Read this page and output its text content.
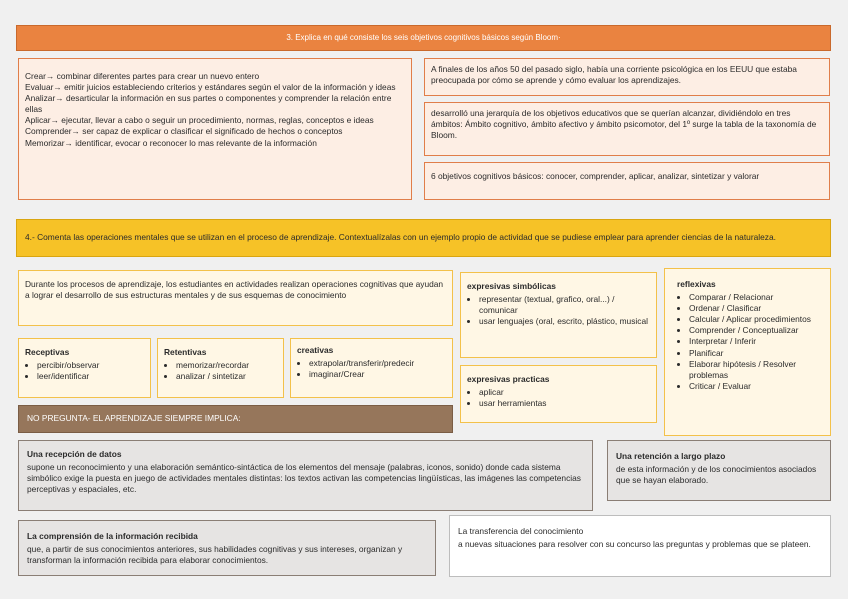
3. Explica en qué consiste los seis objetivos cognitivos básicos según Bloom·
Crear→ combinar diferentes partes para crear un nuevo entero
Evaluar→ emitir juicios estableciendo criterios y estándares según el valor de la información y ideas
Analizar→ desarticular la información en sus partes o componentes y comprender la relación entre ellas
Aplicar→ ejecutar, llevar a cabo o seguir un procedimiento, normas, reglas, conceptos e ideas
Comprender→ ser capaz de explicar o clasificar el significado de hechos o conceptos
Memorizar→ identificar, evocar o reconocer lo mas relevante de la información
A finales de los años 50 del pasado siglo, había una corriente psicológica en los EEUU que estaba preocupada por cómo se aprende y cómo evaluar los aprendizajes.
desarrolló una jerarquía de los objetivos educativos que se querían alcanzar, dividiéndolo en tres ámbitos: Ámbito cognitivo, ámbito afectivo y ámbito psicomotor, del 1º surge la tabla de la taxonomía de Bloom.
6 objetivos cognitivos básicos: conocer, comprender, aplicar, analizar, sintetizar y valorar
4.- Comenta las operaciones mentales que se utilizan en el proceso de aprendizaje. Contextualízalas con un ejemplo propio de actividad que se pudiese emplear para aprender ciencias de la naturaleza.
Durante los procesos de aprendizaje, los estudiantes en actividades realizan operaciones cognitivas que ayudan a lograr el desarrollo de sus estructuras mentales y de sus esquemas de conocimiento
Receptivas
• percibir/observar
• leer/identificar
Retentivas
• memorizar/recordar
• analizar / sintetizar
creativas
• extrapolar/transferir/predecir
• imaginar/Crear
expresivas simbólicas
• representar (textual, grafico, oral...) / comunicar
• usar lenguajes (oral, escrito, plástico, musical
expresivas practicas
• aplicar
• usar herramientas
reflexivas
• Comparar / Relacionar
• Ordenar / Clasificar
• Calcular / Aplicar procedimientos
• Comprender / Conceptualizar
• Interpretar / Inferir
• Planificar
• Elaborar hipótesis / Resolver problemas
• Criticar / Evaluar
NO PREGUNTA- EL APRENDIZAJE SIEMPRE IMPLICA:
Una recepción de datos

supone un reconocimiento y una elaboración semántico-sintáctica de los elementos del mensaje (palabras, iconos, sonido) donde cada sistema simbólico exige la puesta en juego de actividades mentales distintas: los textos activan las competencias lingüísticas, las imágenes las competencias perceptivas y espaciales, etc.

Una retención a largo plazo

de esta información y de los conocimientos asociados que se hayan elaborado.

La comprensión de la información recibida

que, a partir de sus conocimientos anteriores, sus habilidades cognitivas y sus intereses, organizan y transforman la información recibida para elaborar conocimientos.

La transferencia del conocimiento

a nuevas situaciones para resolver con su concurso las preguntas y problemas que se plateen.
